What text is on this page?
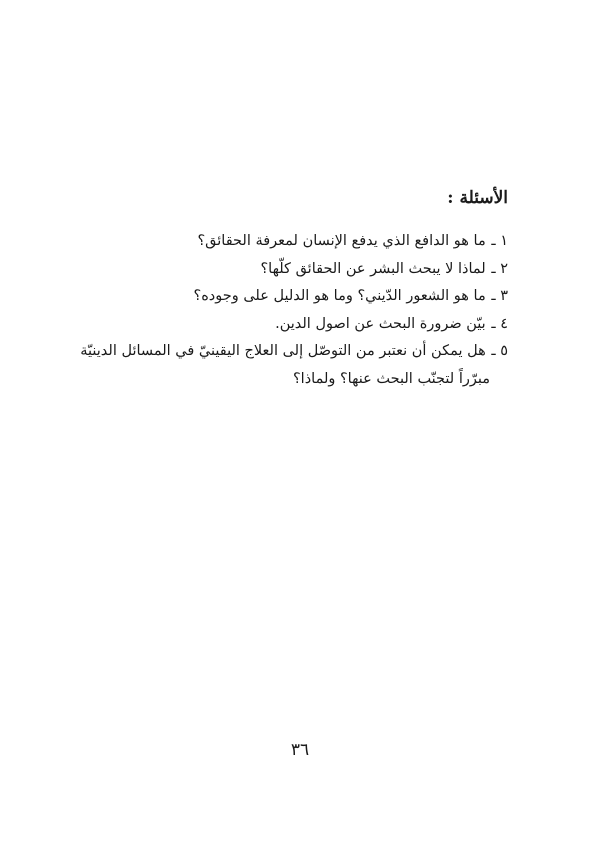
الأسئلة :
١ ـ ما هو الدافع الذي يدفع الإنسان لمعرفة الحقائق؟
٢ ـ لماذا لا يبحث البشر عن الحقائق كلّها؟
٣ ـ ما هو الشعور الدّيني؟ وما هو الدليل على وجوده؟
٤ ـ بيّن ضرورة البحث عن اصول الدين.
٥ ـ هل يمكن أن نعتبر من التوصّل إلى العلاج اليقينيّ في المسائل الدينيّة
مبرّراً لتجنّب البحث عنها؟ ولماذا؟
٣٦
